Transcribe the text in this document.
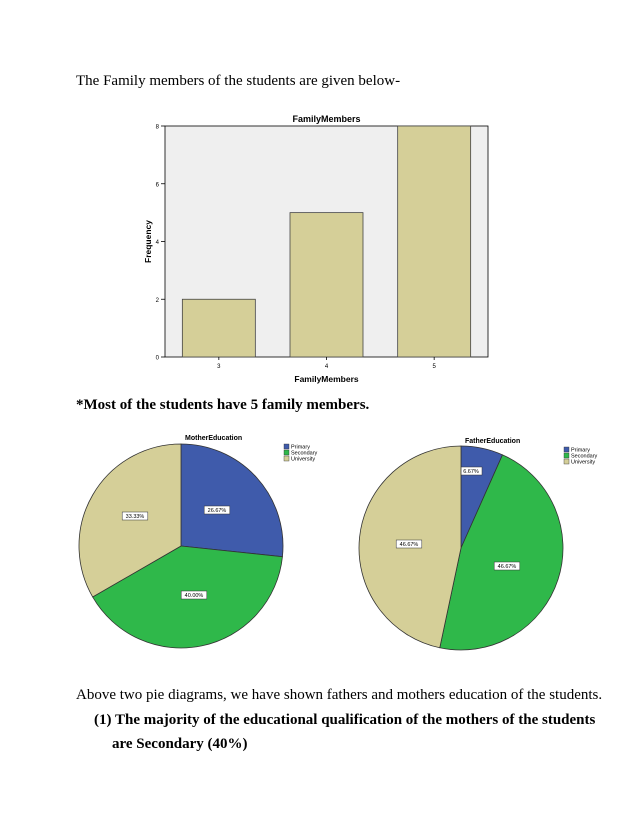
The Family members of the students are given below-
FamilyMembers
0
2
4
6
8
3	4	5
FamilyMembers
Frequency
*Most of the students have 5 family members.
MotherEducation
26.67%
40.00%
33.33%
Primary
Secondary
University
FatherEducation
6.67%
46.67%
46.67%
Primary
Secondary
University
Above two pie diagrams, we have shown fathers and mothers education of the students.
(1) The majority of the educational qualification of the mothers of the students
are Secondary (40%)
